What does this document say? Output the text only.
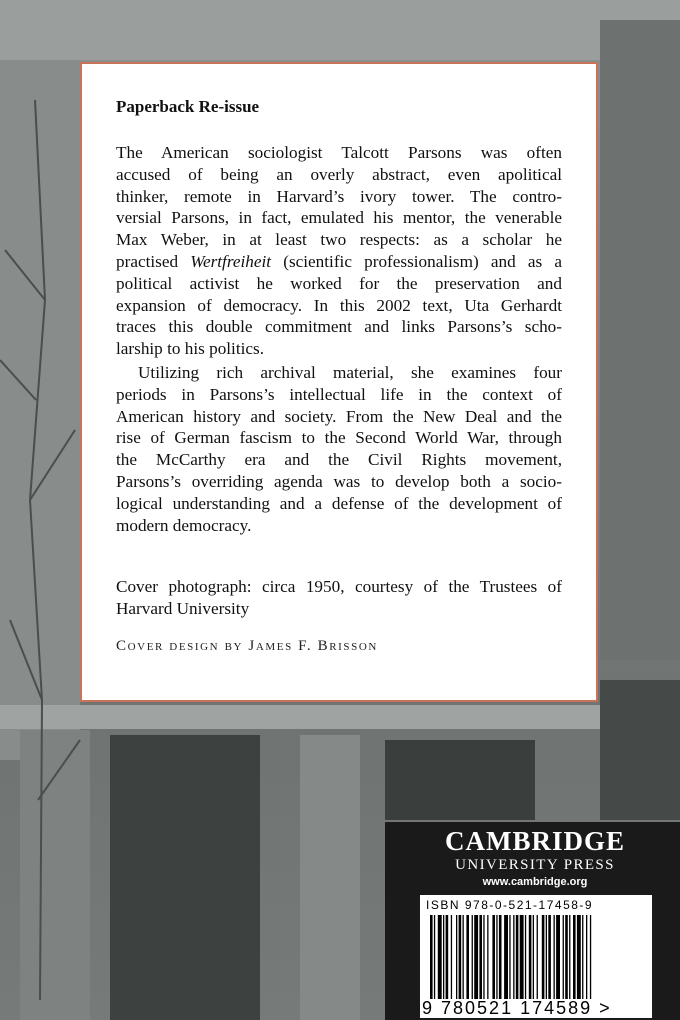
Paperback Re-issue
The American sociologist Talcott Parsons was often
accused of being an overly abstract, even apolitical
thinker, remote in Harvard’s ivory tower. The contro-
versial Parsons, in fact, emulated his mentor, the venerable
Max Weber, in at least two respects: as a scholar he
practised Wertfreiheit (scientific professionalism) and as a
political activist he worked for the preservation and
expansion of democracy. In this 2002 text, Uta Gerhardt
traces this double commitment and links Parsons’s scho-
larship to his politics.
Utilizing rich archival material, she examines four
periods in Parsons’s intellectual life in the context of
American history and society. From the New Deal and the
rise of German fascism to the Second World War, through
the McCarthy era and the Civil Rights movement,
Parsons’s overriding agenda was to develop both a socio-
logical understanding and a defense of the development of
modern democracy.
Cover photograph: circa 1950, courtesy of the Trustees of
Harvard University
Cover design by James F. Brisson
CAMBRIDGE
UNIVERSITY PRESS
www.cambridge.org
ISBN 978-0-521-17458-9
9 780521 174589 >
